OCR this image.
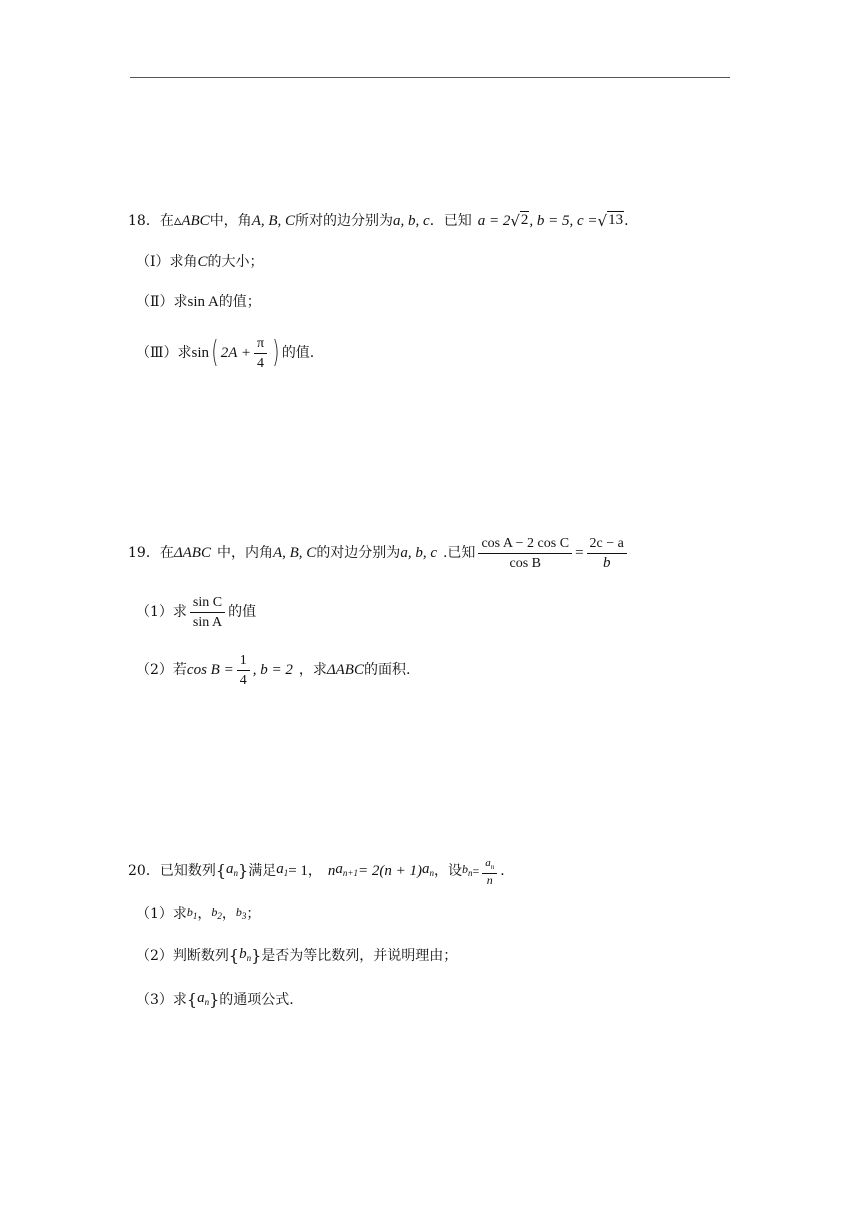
18． 在 ▵ABC 中，角 A, B, C 所对的边分别为 a, b, c ．已知 a = 2 √ 2 , b = 5, c = √ 13 ．
（Ⅰ）求角 C 的大小；
（Ⅱ）求 sin A 的值；
（Ⅲ）求 sin ( $2A + \frac{\pi}{4}$ ) 的值.
19． 在 ΔABC 中，内角 A, B, C 的对边分别为 a, b, c .已知 $\frac{\text{cos A − 2 cos C}}{\text{cos B}} = \frac{2c - a}{b}$
（1）求 $\frac{\text{sin C}}{\text{sin A}}$ 的值
（2）若 $\cos B = \frac{1}{4}$ , b = 2 ，求 ΔABC 的面积.
20． 已知数列 { $a_n$ } 满足 $a_1 = 1$ ， n $a_{n+1} = 2(n + 1)$ $a_n$ ，设 $b_n = \frac{a_n}{n}$ ．
（1）求 $b_1$ ， $b_2$ ， $b_3$ ；
（2）判断数列 { $b_n$ } 是否为等比数列，并说明理由；
（3）求 { $a_n$ } 的通项公式.
